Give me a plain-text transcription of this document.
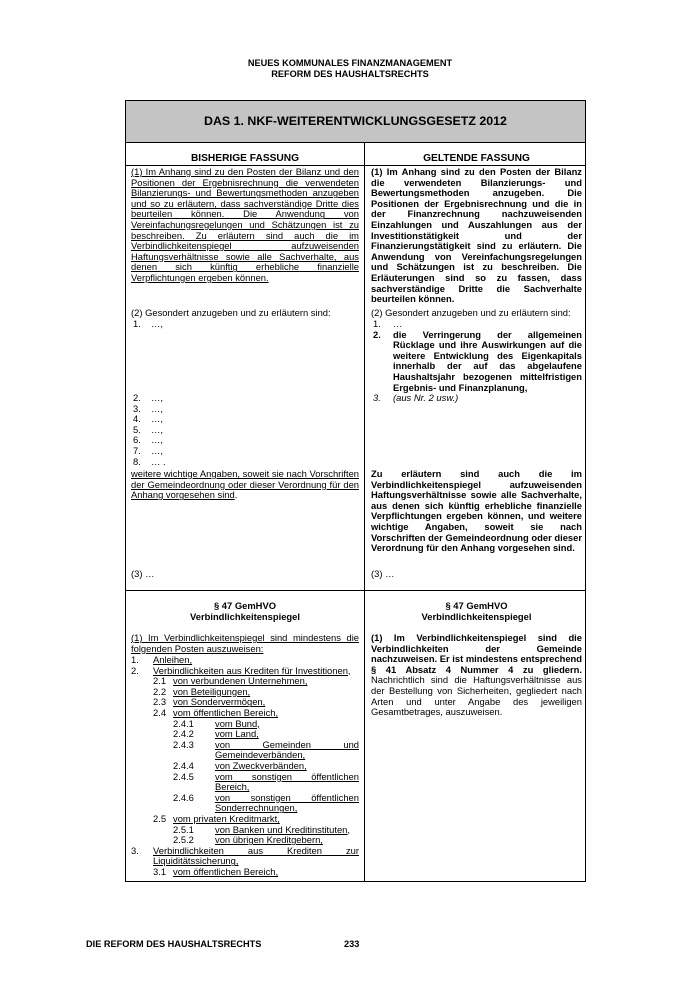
NEUES KOMMUNALES FINANZMANAGEMENT
REFORM DES HAUSHALTSRECHTS
DAS 1. NKF-WEITERENTWICKLUNGSGESETZ 2012
BISHERIGE FASSUNG	GELTENDE FASSUNG
(1) Im Anhang sind zu den Posten der Bilanz und den Positionen der Ergebnisrechnung die verwendeten Bilanzierungs- und Bewertungsmethoden anzugeben und so zu erläutern, dass sachverständige Dritte dies beurteilen können. Die Anwendung von Vereinfachungsregelungen und Schätzungen ist zu beschreiben. Zu erläutern sind auch die im Verbindlichkeitenspiegel aufzuweisenden Haftungsverhältnisse sowie alle Sachverhalte, aus denen sich künftig erhebliche finanzielle Verpflichtungen ergeben können.
(2) Gesondert anzugeben und zu erläutern sind:
1. …,
2. …,
3. …,
4. …,
5. …,
6. …,
7. …,
8. … .
weitere wichtige Angaben, soweit sie nach Vorschriften der Gemeindeordnung oder dieser Verordnung für den Anhang vorgesehen sind.
(3) …
(1) Im Anhang sind zu den Posten der Bilanz die verwendeten Bilanzierungs- und Bewertungsmethoden anzugeben. Die Positionen der Ergebnisrechnung und die in der Finanzrechnung nachzuweisenden Einzahlungen und Auszahlungen aus der Investitionstätigkeit und der Finanzierungstätigkeit sind zu erläutern. Die Anwendung von Vereinfachungsregelungen und Schätzungen ist zu beschreiben. Die Erläuterungen sind so zu fassen, dass sachverständige Dritte die Sachverhalte beurteilen können.
(2) Gesondert anzugeben und zu erläutern sind:
1. …
2. die Verringerung der allgemeinen Rücklage und ihre Auswirkungen auf die weitere Entwicklung des Eigenkapitals innerhalb der auf das abgelaufene Haushaltsjahr bezogenen mittelfristigen Ergebnis- und Finanzplanung,
3. (aus Nr. 2 usw.)
Zu erläutern sind auch die im Verbindlichkeitenspiegel aufzuweisenden Haftungsverhältnisse sowie alle Sachverhalte, aus denen sich künftig erhebliche finanzielle Verpflichtungen ergeben können, und weitere wichtige Angaben, soweit sie nach Vorschriften der Gemeindeordnung oder dieser Verordnung für den Anhang vorgesehen sind.
(3) …
§ 47 GemHVO
Verbindlichkeitenspiegel
§ 47 GemHVO
Verbindlichkeitenspiegel
(1) Im Verbindlichkeitenspiegel sind mindestens die folgenden Posten auszuweisen:
1. Anleihen,
2. Verbindlichkeiten aus Krediten für Investitionen,
2.1 von verbundenen Unternehmen,
2.2 von Beteiligungen,
2.3 von Sondervermögen,
2.4 vom öffentlichen Bereich,
2.4.1 vom Bund,
2.4.2 vom Land,
2.4.3 von Gemeinden und Gemeindeverbänden,
2.4.4 von Zweckverbänden,
2.4.5 vom sonstigen öffentlichen Bereich,
2.4.6 von sonstigen öffentlichen Sonderrechnungen,
2.5 vom privaten Kreditmarkt,
2.5.1 von Banken und Kreditinstituten,
2.5.2 von übrigen Kreditgebern,
3. Verbindlichkeiten aus Krediten zur Liquiditätssicherung,
3.1 vom öffentlichen Bereich,
(1) Im Verbindlichkeitenspiegel sind die Verbindlichkeiten der Gemeinde nachzuweisen. Er ist mindestens entsprechend § 41 Absatz 4 Nummer 4 zu gliedern. Nachrichtlich sind die Haftungsverhältnisse aus der Bestellung von Sicherheiten, gegliedert nach Arten und unter Angabe des jeweiligen Gesamtbetrages, auszuweisen.
DIE REFORM DES HAUSHALTSRECHTS	233
